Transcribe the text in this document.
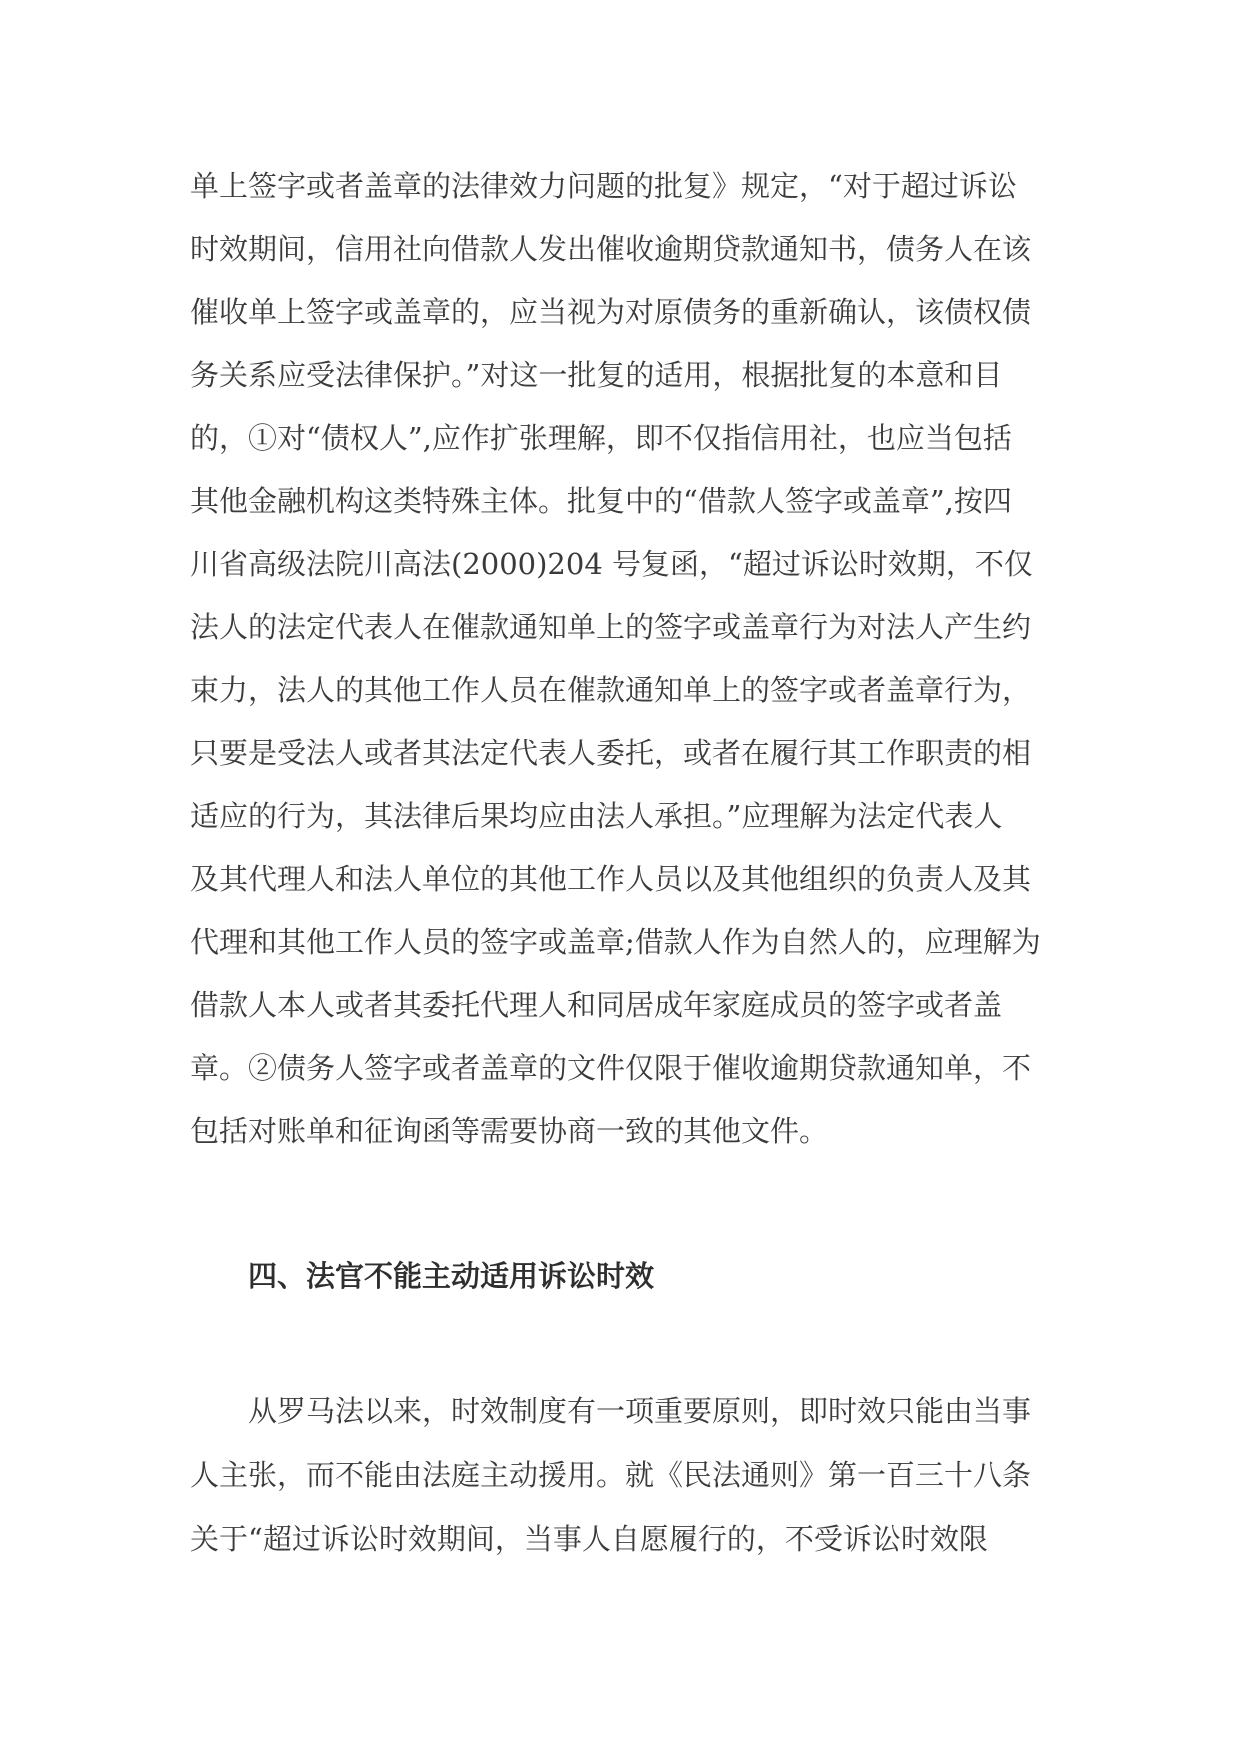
单上签字或者盖章的法律效力问题的批复》规定，“对于超过诉讼
时效期间，信用社向借款人发出催收逾期贷款通知书，债务人在该
催收单上签字或盖章的，应当视为对原债务的重新确认，该债权债
务关系应受法律保护。”对这一批复的适用，根据批复的本意和目
的，①对“债权人”,应作扩张理解，即不仅指信用社，也应当包括
其他金融机构这类特殊主体。批复中的“借款人签字或盖章”,按四
川省高级法院川高法(2000)204 号复函，“超过诉讼时效期，不仅
法人的法定代表人在催款通知单上的签字或盖章行为对法人产生约
束力，法人的其他工作人员在催款通知单上的签字或者盖章行为，
只要是受法人或者其法定代表人委托，或者在履行其工作职责的相
适应的行为，其法律后果均应由法人承担。”应理解为法定代表人
及其代理人和法人单位的其他工作人员以及其他组织的负责人及其
代理和其他工作人员的签字或盖章;借款人作为自然人的，应理解为
借款人本人或者其委托代理人和同居成年家庭成员的签字或者盖
章。②债务人签字或者盖章的文件仅限于催收逾期贷款通知单，不
包括对账单和征询函等需要协商一致的其他文件。
四、法官不能主动适用诉讼时效
从罗马法以来，时效制度有一项重要原则，即时效只能由当事
人主张，而不能由法庭主动援用。就《民法通则》第一百三十八条
关于“超过诉讼时效期间，当事人自愿履行的，不受诉讼时效限
